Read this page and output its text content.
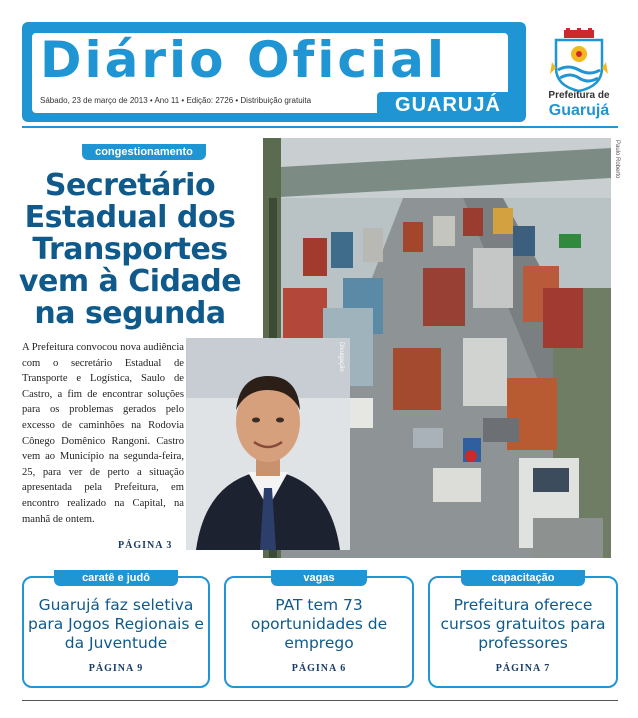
Diário Oficial
Sábado, 23 de março de 2013 • Ano 11 • Edição: 2726 • Distribuição gratuita	GUARUJÁ	Prefeitura de
Guarujá
congestionamento
Secretário Estadual dos Transportes vem à Cidade na segunda
Paulo Roberto
Divulgação
A Prefeitura convocou nova audiência com o secretário Estadual de Transporte e Logística, Saulo de Castro, a fim de encontrar soluções para os problemas gerados pelo excesso de caminhões na Rodovia Cônego Domênico Rangoni. Castro vem ao Município na segunda-feira, 25, para ver de perto a situação apresentada pela Prefeitura, em encontro realizado na Capital, na manhã de ontem.
PÁGINA 3
caratê e judô
Guarujá faz seletiva para Jogos Regionais e da Juventude
PÁGINA 9
vagas
PAT tem 73 oportunidades de emprego
PÁGINA 6
capacitação
Prefeitura oferece cursos gratuitos para professores
PÁGINA 7
